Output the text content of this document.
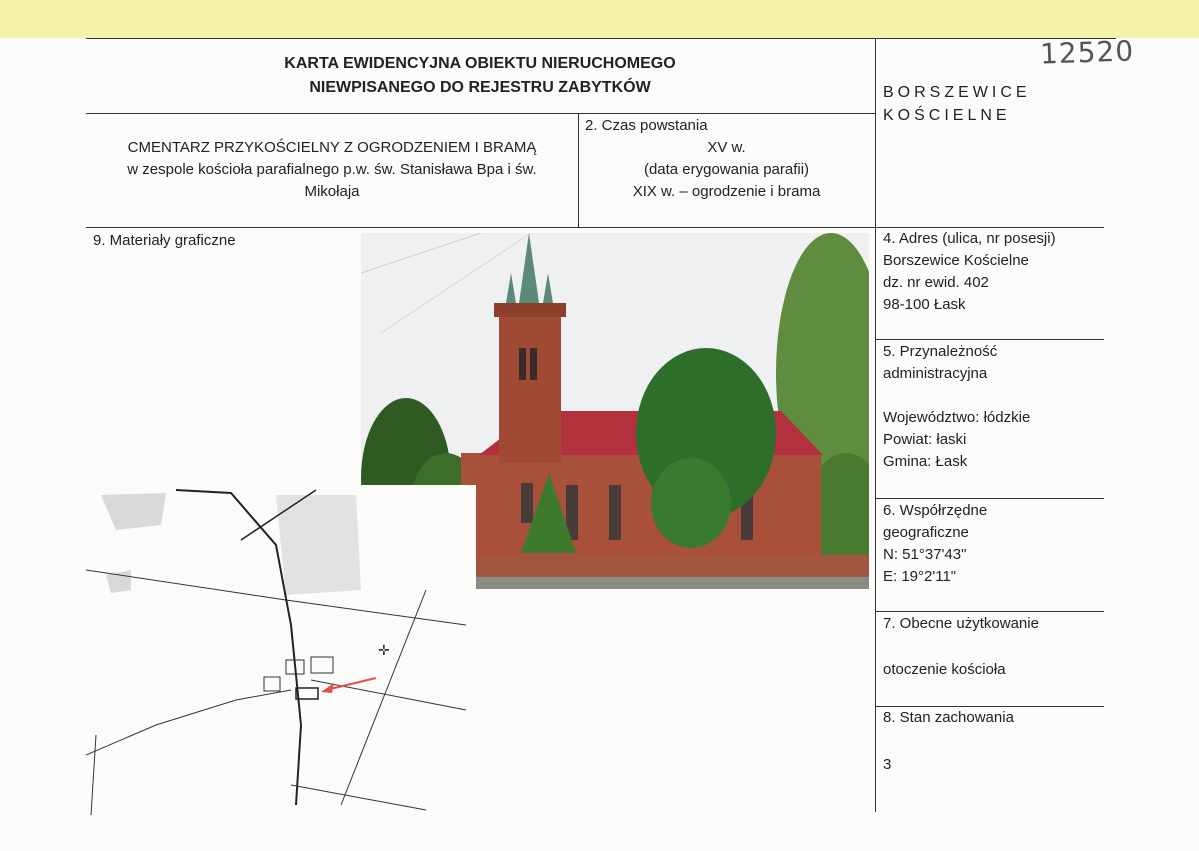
KARTA EWIDENCYJNA OBIEKTU NIERUCHOMEGO
NIEWPISANEGO DO REJESTRU ZABYTKÓW
12520
BORSZEWICE
KOŚCIELNE
CMENTARZ PRZYKOŚCIELNY Z OGRODZENIEM I BRAMĄ
w zespole kościoła parafialnego p.w. św. Stanisława Bpa i św.
Mikołaja
2. Czas powstania
XV w.
(data erygowania parafii)
XIX w. – ogrodzenie i brama
9. Materiały graficzne
✛
4. Adres (ulica, nr posesji)
Borszewice Kościelne
dz. nr ewid. 402
98-100 Łask
5. Przynależność
administracyjna
Województwo: łódzkie
Powiat: łaski
Gmina: Łask
6. Współrzędne
geograficzne
N: 51°37'43"
E: 19°2'11"
7. Obecne użytkowanie
otoczenie kościoła
8. Stan zachowania
3
